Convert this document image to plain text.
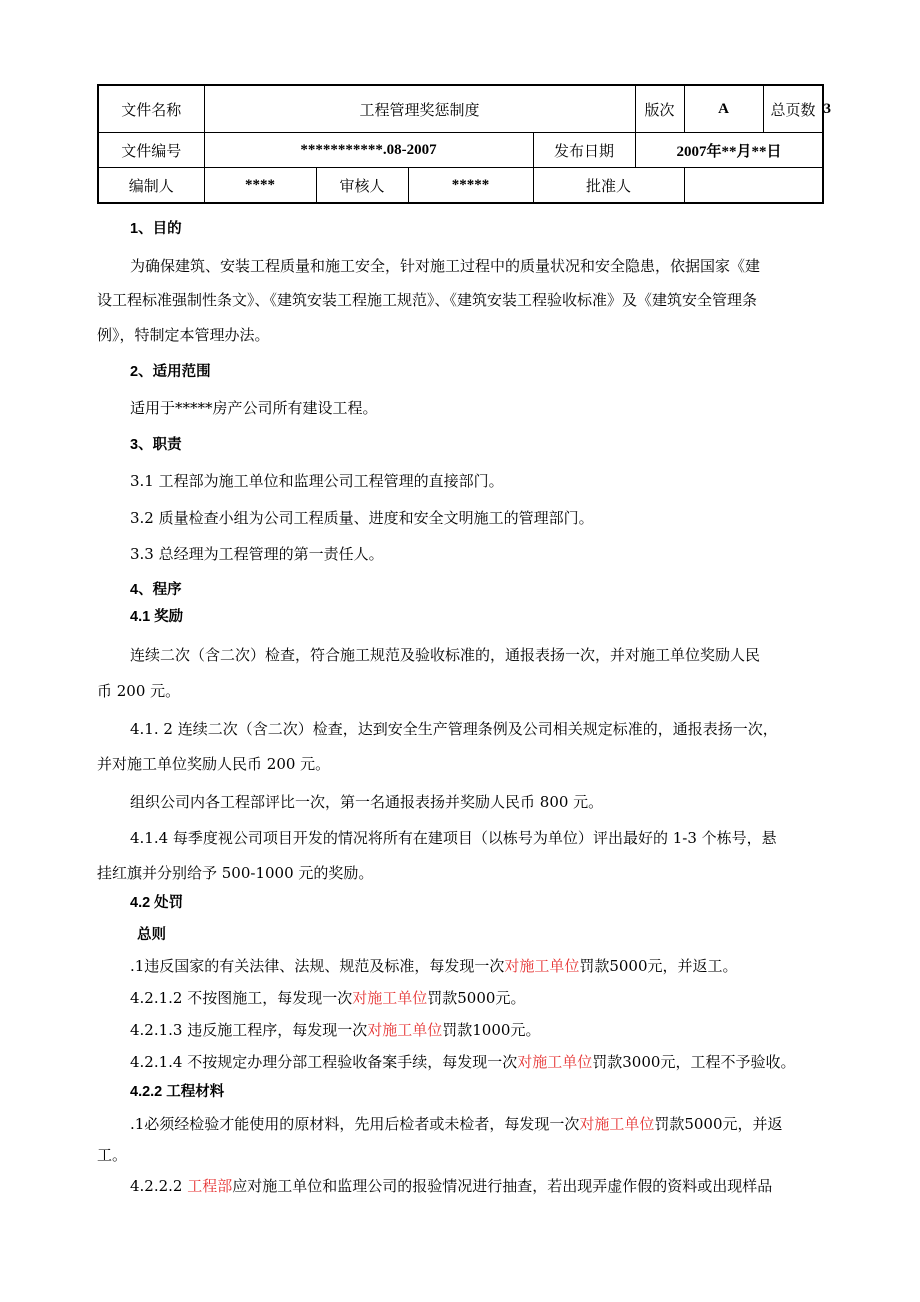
文件名称	工程管理奖惩制度				版次	A	总页数	3
文件编号	***********.08-2007			发布日期	2007年**月**日			
编制人	****	审核人	*****	批准人				
1、目的
为确保建筑、安装工程质量和施工安全，针对施工过程中的质量状况和安全隐患，依据国家《建
设工程标准强制性条文》、《建筑安装工程施工规范》、《建筑安装工程验收标准》及《建筑安全管理条
例》，特制定本管理办法。
2、适用范围
适用于*****房产公司所有建设工程。
3、职责
3.1 工程部为施工单位和监理公司工程管理的直接部门。
3.2 质量检查小组为公司工程质量、进度和安全文明施工的管理部门。
3.3 总经理为工程管理的第一责任人。
4、程序
4.1 奖励
连续二次（含二次）检查，符合施工规范及验收标准的，通报表扬一次，并对施工单位奖励人民
币 200 元。
4.1. 2 连续二次（含二次）检查，达到安全生产管理条例及公司相关规定标准的，通报表扬一次，
并对施工单位奖励人民币 200 元。
组织公司内各工程部评比一次，第一名通报表扬并奖励人民币 800 元。
4.1.4 每季度视公司项目开发的情况将所有在建项目（以栋号为单位）评出最好的 1-3 个栋号，悬
挂红旗并分别给予 500-1000 元的奖励。
4.2 处罚
总则
.1违反国家的有关法律、法规、规范及标准，每发现一次对施工单位罚款5000元，并返工。
4.2.1.2 不按图施工，每发现一次对施工单位罚款5000元。
4.2.1.3 违反施工程序，每发现一次对施工单位罚款1000元。
4.2.1.4 不按规定办理分部工程验收备案手续，每发现一次对施工单位罚款3000元，工程不予验收。
4.2.2 工程材料
.1必须经检验才能使用的原材料，先用后检者或未检者，每发现一次对施工单位罚款5000元，并返
工。
4.2.2.2 工程部应对施工单位和监理公司的报验情况进行抽查，若出现弄虚作假的资料或出现样品
